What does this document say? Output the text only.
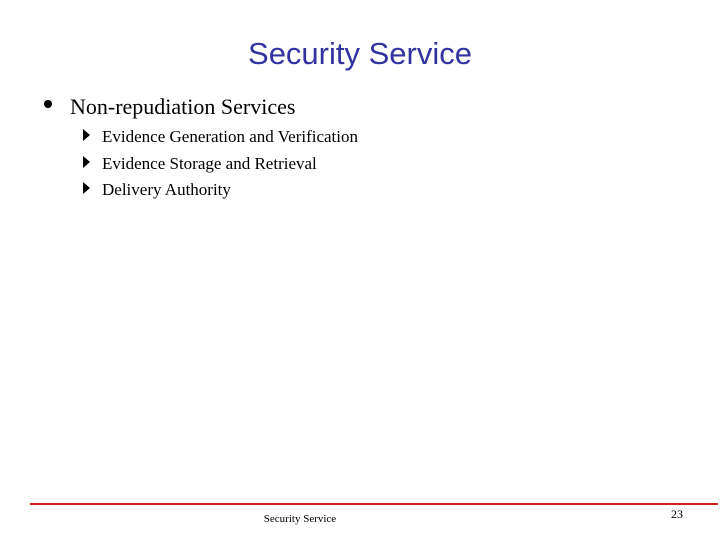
Security Service
Non-repudiation Services
Evidence Generation and Verification
Evidence Storage and Retrieval
Delivery Authority
Security Service	23
